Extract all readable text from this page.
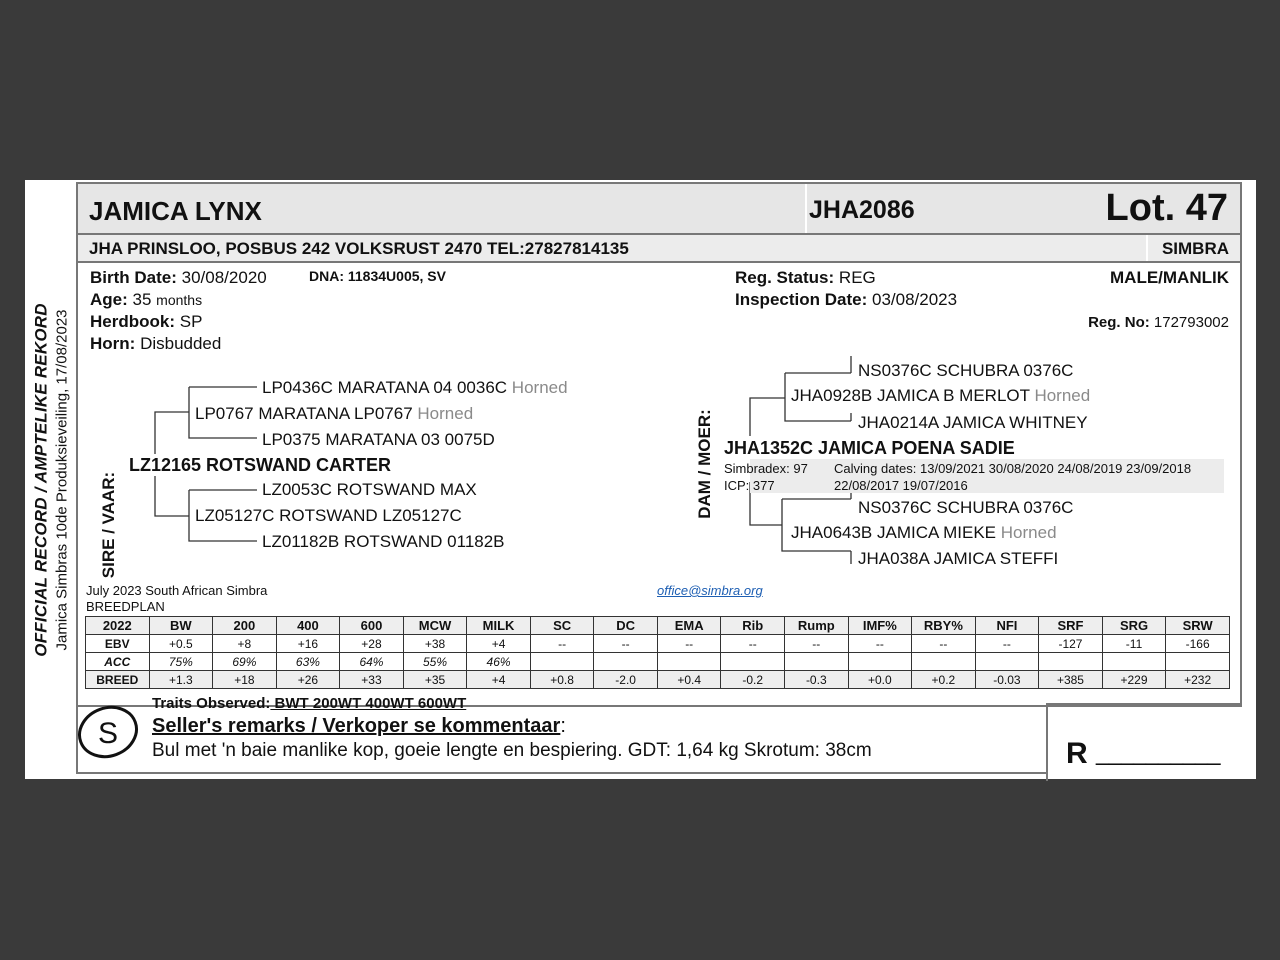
OFFICIAL RECORD / AMPTELIKE REKORD Jamica Simbras 10de Produksieveiling, 17/08/2023
JAMICA LYNX	JHA2086	Lot. 47
JHA PRINSLOO, POSBUS 242 VOLKSRUST 2470 TEL:27827814135	SIMBRA
Birth Date: 30/08/2020	DNA: 11834U005, SV
Age: 35 months
Herdbook: SP
Horn: Disbudded
Reg. Status: REG
Inspection Date: 03/08/2023
MALE/MANLIK
Reg. No: 172793002
SIRE / VAAR:
LZ12165 ROTSWAND CARTER
LP0767 MARATANA LP0767 Horned
LP0436C MARATANA 04 0036C Horned
LP0375 MARATANA 03 0075D
LZ05127C ROTSWAND LZ05127C
LZ0053C ROTSWAND MAX
LZ01182B ROTSWAND 01182B
DAM / MOER: JHA1352C JAMICA POENA SADIE
Simbradex: 97
ICP: 377
Calving dates: 13/09/2021 30/08/2020 24/08/2019 23/09/2018
22/08/2017 19/07/2016
JHA0928B JAMICA B MERLOT Horned
NS0376C SCHUBRA 0376C
JHA0214A JAMICA WHITNEY
JHA0643B JAMICA MIEKE Horned
NS0376C SCHUBRA 0376C
JHA038A JAMICA STEFFI
July 2023 South African Simbra
BREEDPLAN
office@simbra.org
2022	BW	200	400	600	MCW	MILK	SC	DC	EMA	Rib	Rump	IMF%	RBY%	NFI	SRF	SRG	SRW
EBV	+0.5	+8	+16	+28	+38	+4	--	--	--	--	--	--	--	--	-127	-11	-166
ACC	75%	69%	63%	64%	55%	46%											
BREED	+1.3	+18	+26	+33	+35	+4	+0.8	-2.0	+0.4	-0.2	-0.3	+0.0	+0.2	-0.03	+385	+229	+232
S
Traits Observed: BWT 200WT 400WT 600WT
Seller's remarks / Verkoper se kommentaar:
Bul met 'n baie manlike kop, goeie lengte en bespiering. GDT: 1,64 kg Skrotum: 38cm	R __________
